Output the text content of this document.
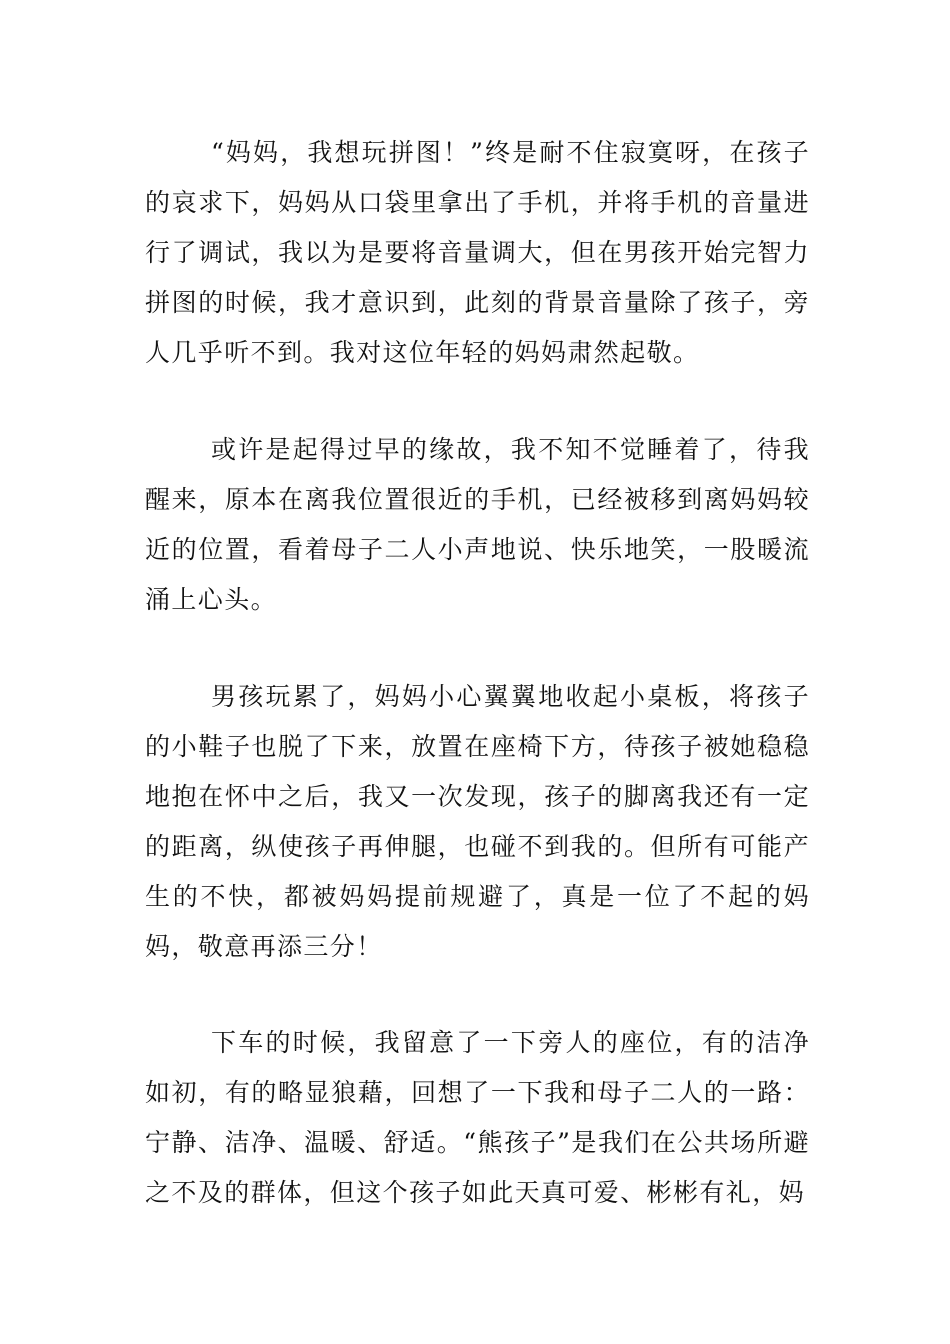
“妈妈，我想玩拼图！”终是耐不住寂寞呀，在孩子的哀求下，妈妈从口袋里拿出了手机，并将手机的音量进行了调试，我以为是要将音量调大，但在男孩开始完智力拼图的时候，我才意识到，此刻的背景音量除了孩子，旁人几乎听不到。我对这位年轻的妈妈肃然起敬。

或许是起得过早的缘故，我不知不觉睡着了，待我醒来，原本在离我位置很近的手机，已经被移到离妈妈较近的位置，看着母子二人小声地说、快乐地笑，一股暖流涌上心头。

男孩玩累了，妈妈小心翼翼地收起小桌板，将孩子的小鞋子也脱了下来，放置在座椅下方，待孩子被她稳稳地抱在怀中之后，我又一次发现，孩子的脚离我还有一定的距离，纵使孩子再伸腿，也碰不到我的。但所有可能产生的不快，都被妈妈提前规避了，真是一位了不起的妈妈，敬意再添三分！

下车的时候，我留意了一下旁人的座位，有的洁净如初，有的略显狼藉，回想了一下我和母子二人的一路：宁静、洁净、温暖、舒适。“熊孩子”是我们在公共场所避之不及的群体，但这个孩子如此天真可爱、彬彬有礼，妈
